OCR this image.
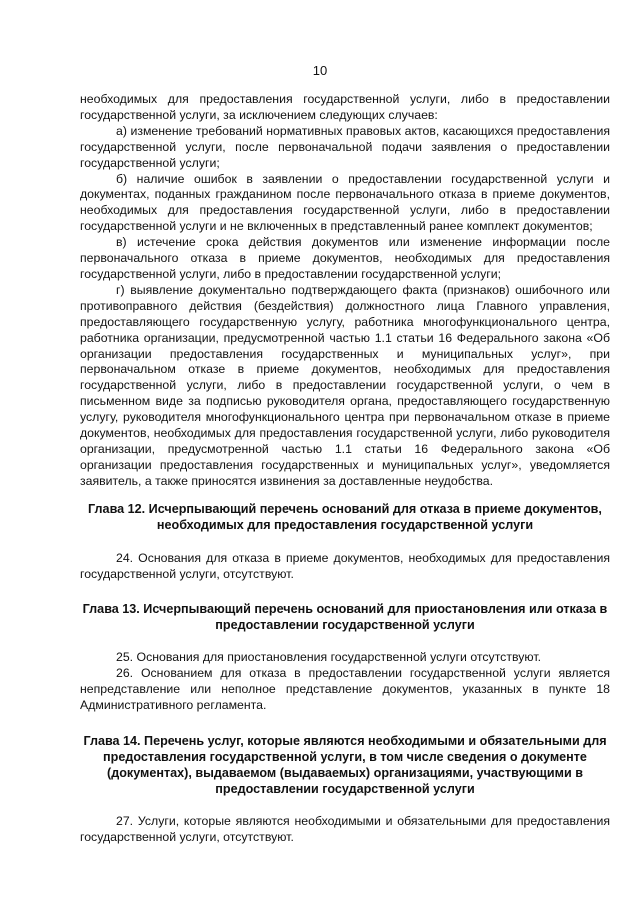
10

необходимых для предоставления государственной услуги, либо в предоставлении государственной услуги, за исключением следующих случаев:

а) изменение требований нормативных правовых актов, касающихся предоставления государственной услуги, после первоначальной подачи заявления о предоставлении государственной услуги;

б) наличие ошибок в заявлении о предоставлении государственной услуги и документах, поданных гражданином после первоначального отказа в приеме документов, необходимых для предоставления государственной услуги, либо в предоставлении государственной услуги и не включенных в представленный ранее комплект документов;

в) истечение срока действия документов или изменение информации после первоначального отказа в приеме документов, необходимых для предоставления государственной услуги, либо в предоставлении государственной услуги;

г) выявление документально подтверждающего факта (признаков) ошибочного или противоправного действия (бездействия) должностного лица Главного управления, предоставляющего государственную услугу, работника многофункционального центра, работника организации, предусмотренной частью 1.1 статьи 16 Федерального закона «Об организации предоставления государственных и муниципальных услуг», при первоначальном отказе в приеме документов, необходимых для предоставления государственной услуги, либо в предоставлении государственной услуги, о чем в письменном виде за подписью руководителя органа, предоставляющего государственную услугу, руководителя многофункционального центра при первоначальном отказе в приеме документов, необходимых для предоставления государственной услуги, либо руководителя организации, предусмотренной частью 1.1 статьи 16 Федерального закона «Об организации предоставления государственных и муниципальных услуг», уведомляется заявитель, а также приносятся извинения за доставленные неудобства.

Глава 12. Исчерпывающий перечень оснований для отказа в приеме документов, необходимых для предоставления государственной услуги

24. Основания для отказа в приеме документов, необходимых для предоставления государственной услуги, отсутствуют.

Глава 13. Исчерпывающий перечень оснований для приостановления или отказа в предоставлении государственной услуги

25. Основания для приостановления государственной услуги отсутствуют.

26. Основанием для отказа в предоставлении государственной услуги является непредставление или неполное представление документов, указанных в пункте 18 Административного регламента.

Глава 14. Перечень услуг, которые являются необходимыми и обязательными для предоставления государственной услуги, в том числе сведения о документе (документах), выдаваемом (выдаваемых) организациями, участвующими в предоставлении государственной услуги

27. Услуги, которые являются необходимыми и обязательными для предоставления государственной услуги, отсутствуют.
